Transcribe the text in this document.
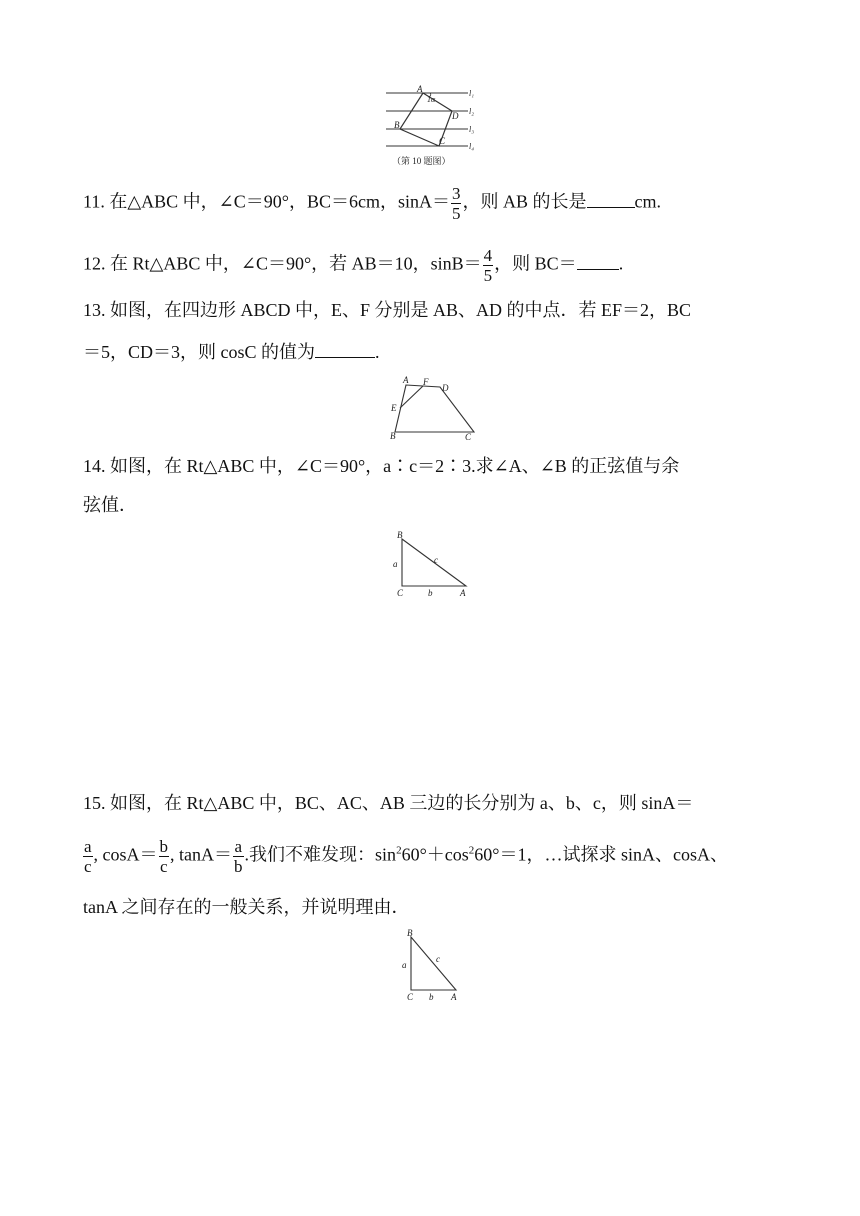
A
1α
B
C
D
l₁
l₂
l₃
l₄
（第 10 题图）
11. 在△ABC 中，∠C＝90°，BC＝6cm，$\sin A= \frac{3}{5}$ ，则 AB 的长是	cm.
12. 在 Rt△ABC 中，∠C＝90°，若 AB＝10，$\sin B= \frac{4}{5}$ ，则 BC＝ .
13. 如图，在四边形 ABCD 中，E、F 分别是 AB、AD 的中点．若 EF＝2，BC
＝5，CD＝3，则 cosC 的值为	.
A F
D
E
B	C
14. 如图，在 Rt△ABC 中，∠C＝90°，a∶c＝2∶3.求∠A、∠B 的正弦值与余
弦值．
B
a	c
C	b	A
15. 如图，在 Rt△ABC 中，BC、AC、AB 三边的长分别为 a、b、c，则 sinA＝
$\frac{a}{c}$ , $\cos A= \frac{b}{c}$ , $\tan A= \frac{a}{b}$ .我们不难发现：$\sin^260^\circ+\cos^260^\circ=1$，…试探求 sinA、cosA、
tanA 之间存在的一般关系，并说明理由．
B
a
c
C b A
